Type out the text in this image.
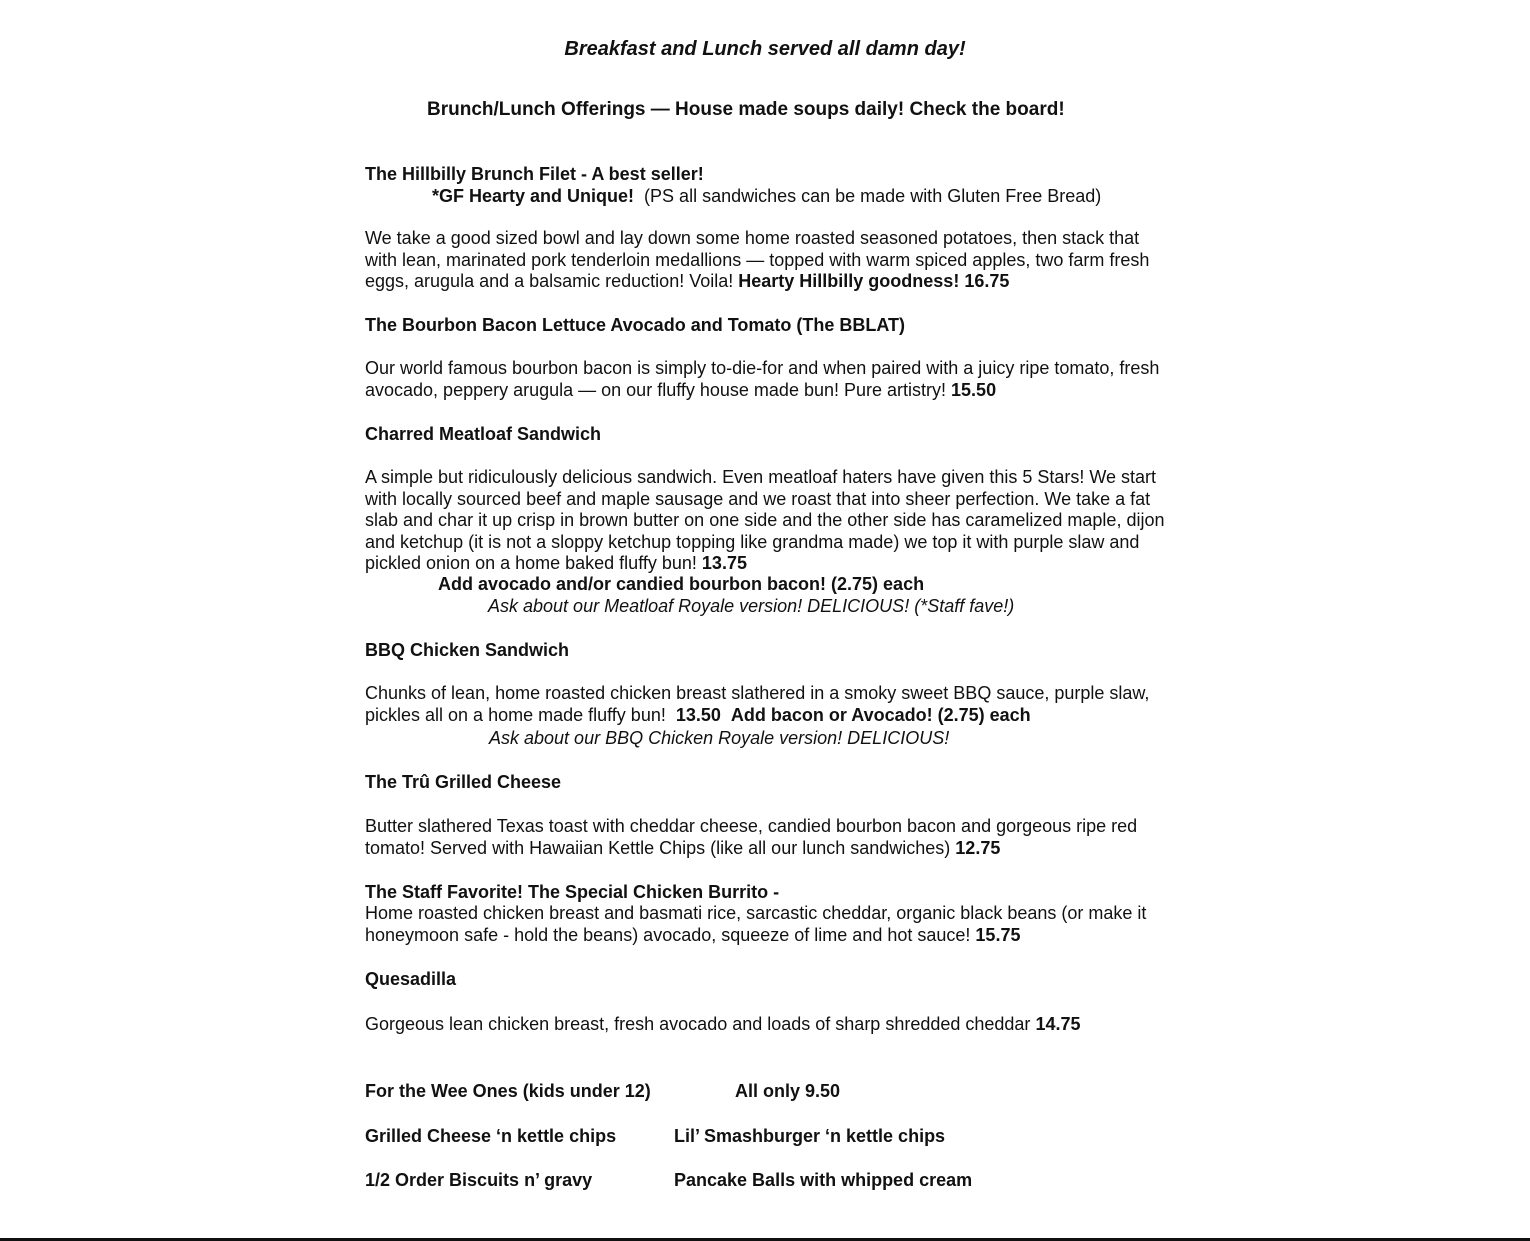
Breakfast and Lunch served all damn day!
Brunch/Lunch Offerings — House made soups daily! Check the board!
The Hillbilly Brunch Filet - A best seller!
*GF Hearty and Unique! (PS all sandwiches can be made with Gluten Free Bread)
We take a good sized bowl and lay down some home roasted seasoned potatoes, then stack that with lean, marinated pork tenderloin medallions — topped with warm spiced apples, two farm fresh eggs, arugula and a balsamic reduction! Voila! Hearty Hillbilly goodness! 16.75
The Bourbon Bacon Lettuce Avocado and Tomato (The BBLAT)
Our world famous bourbon bacon is simply to-die-for and when paired with a juicy ripe tomato, fresh avocado, peppery arugula — on our fluffy house made bun! Pure artistry! 15.50
Charred Meatloaf Sandwich
A simple but ridiculously delicious sandwich. Even meatloaf haters have given this 5 Stars! We start with locally sourced beef and maple sausage and we roast that into sheer perfection. We take a fat slab and char it up crisp in brown butter on one side and the other side has caramelized maple, dijon and ketchup (it is not a sloppy ketchup topping like grandma made) we top it with purple slaw and pickled onion on a home baked fluffy bun! 13.75
Add avocado and/or candied bourbon bacon! (2.75) each
Ask about our Meatloaf Royale version! DELICIOUS! (*Staff fave!)
BBQ Chicken Sandwich
Chunks of lean, home roasted chicken breast slathered in a smoky sweet BBQ sauce, purple slaw, pickles all on a home made fluffy bun! 13.50 Add bacon or Avocado! (2.75) each
Ask about our BBQ Chicken Royale version! DELICIOUS!
The Trû Grilled Cheese
Butter slathered Texas toast with cheddar cheese, candied bourbon bacon and gorgeous ripe red tomato! Served with Hawaiian Kettle Chips (like all our lunch sandwiches) 12.75
The Staff Favorite! The Special Chicken Burrito -
Home roasted chicken breast and basmati rice, sarcastic cheddar, organic black beans (or make it honeymoon safe - hold the beans) avocado, squeeze of lime and hot sauce! 15.75
Quesadilla
Gorgeous lean chicken breast, fresh avocado and loads of sharp shredded cheddar 14.75
For the Wee Ones (kids under 12)	All only 9.50
Grilled Cheese ‘n kettle chips	Lil’ Smashburger ‘n kettle chips
1/2 Order Biscuits n’ gravy	Pancake Balls with whipped cream
